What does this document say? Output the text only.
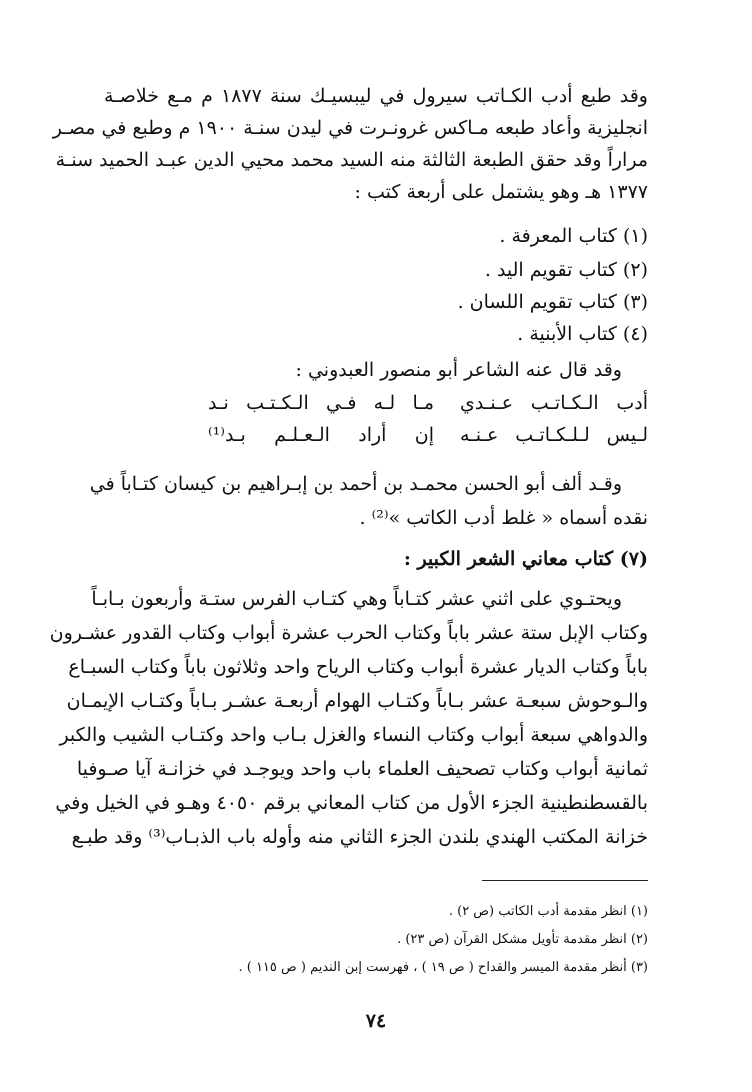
وقد طبع أدب الكـاتب سيرول في ليبسيـك سنة ١٨٧٧ م مـع خلاصـة
انجليزية وأعاد طبعه مـاكس غرونـرت في ليدن سنـة ١٩٠٠ م وطبع في مصـر
مراراً وقد حقق الطبعة الثالثة منه السيد محمد محيي الدين عبـد الحميد سنـة
١٣٧٧ هـ وهو يشتمل على أربعة كتب :
(١) كتاب المعرفة .
(٢) كتاب تقويم اليد .
(٣) كتاب تقويم اللسان .
(٤) كتاب الأبنية .
وقد قال عنه الشاعر أبو منصور العبدوني :
أدب الـكـاتـب عـنـدي
مـا لـه فـي الـكـتـب نـد
لـيس لـلـكـاتـب عـنـه
إن أراد الـعـلـم بـد⁽¹⁾
وقـد ألف أبو الحسن محمـد بن أحمد بن إبـراهيم بن كيسان كتـاباً في
نقده أسماه « غلط أدب الكاتب »⁽²⁾ .
(٧) كتاب معاني الشعر الكبير :
ويحتـوي على اثني عشر كتـاباً وهي كتـاب الفرس ستـة وأربعون بـابـاً
وكتاب الإبل ستة عشر باباً وكتاب الحرب عشرة أبواب وكتاب القدور عشـرون
باباً وكتاب الديار عشرة أبواب وكتاب الرياح واحد وثلاثون باباً وكتاب السبـاع
والـوحوش سبعـة عشر بـاباً وكتـاب الهوام أربعـة عشـر بـاباً وكتـاب الإيمـان
والدواهي سبعة أبواب وكتاب النساء والغزل بـاب واحد وكتـاب الشيب والكبر
ثمانية أبواب وكتاب تصحيف العلماء باب واحد ويوجـد في خزانـة آيا صـوفيا
بالقسطنطينية الجزء الأول من كتاب المعاني برقم ٤٠٥٠ وهـو في الخيل وفي
خزانة المكتب الهندي بلندن الجزء الثاني منه وأوله باب الذبـاب⁽³⁾ وقد طبـع
(١) انظر مقدمة أدب الكاتب (ص ٢) .
(٢) انظر مقدمة تأويل مشكل القرآن (ص ٢٣) .
(٣) أنظر مقدمة الميسر والقداح ( ص ١٩ ) ، فهرست إبن النديم ( ص ١١٥ ) .
٧٤
